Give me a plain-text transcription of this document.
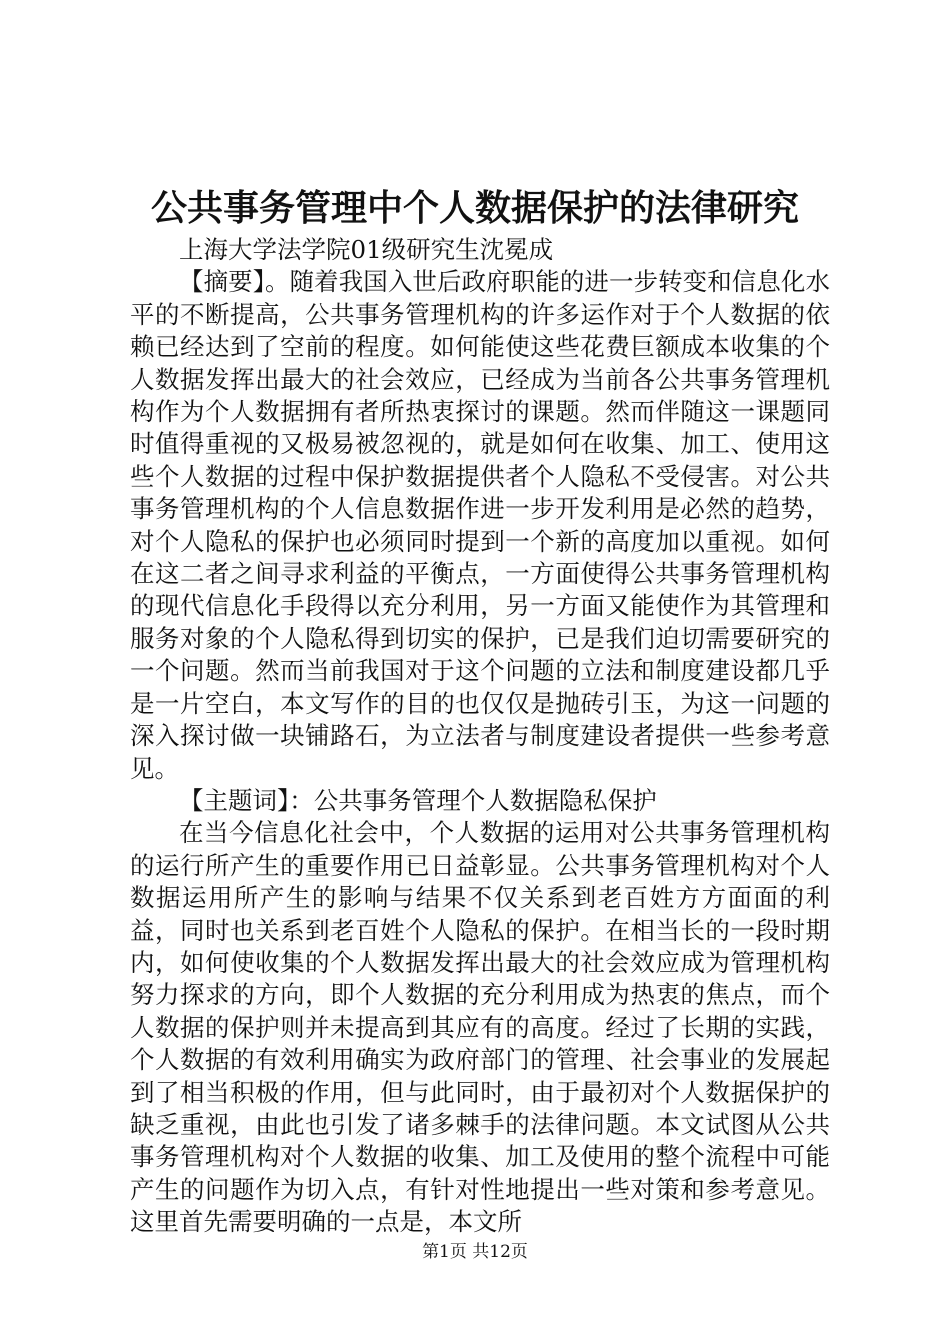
公共事务管理中个人数据保护的法律研究

上海大学法学院01级研究生沈冕成

【摘要】。随着我国入世后政府职能的进一步转变和信息化水平的不断提高，公共事务管理机构的许多运作对于个人数据的依赖已经达到了空前的程度。如何能使这些花费巨额成本收集的个人数据发挥出最大的社会效应，已经成为当前各公共事务管理机构作为个人数据拥有者所热衷探讨的课题。然而伴随这一课题同时值得重视的又极易被忽视的，就是如何在收集、加工、使用这些个人数据的过程中保护数据提供者个人隐私不受侵害。对公共事务管理机构的个人信息数据作进一步开发利用是必然的趋势，对个人隐私的保护也必须同时提到一个新的高度加以重视。如何在这二者之间寻求利益的平衡点，一方面使得公共事务管理机构的现代信息化手段得以充分利用，另一方面又能使作为其管理和服务对象的个人隐私得到切实的保护，已是我们迫切需要研究的一个问题。然而当前我国对于这个问题的立法和制度建设都几乎是一片空白，本文写作的目的也仅仅是抛砖引玉，为这一问题的深入探讨做一块铺路石，为立法者与制度建设者提供一些参考意见。

【主题词】：公共事务管理个人数据隐私保护

在当今信息化社会中，个人数据的运用对公共事务管理机构的运行所产生的重要作用已日益彰显。公共事务管理机构对个人数据运用所产生的影响与结果不仅关系到老百姓方方面面的利益，同时也关系到老百姓个人隐私的保护。在相当长的一段时期内，如何使收集的个人数据发挥出最大的社会效应成为管理机构努力探求的方向，即个人数据的充分利用成为热衷的焦点，而个人数据的保护则并未提高到其应有的高度。经过了长期的实践，个人数据的有效利用确实为政府部门的管理、社会事业的发展起到了相当积极的作用，但与此同时，由于最初对个人数据保护的缺乏重视，由此也引发了诸多棘手的法律问题。本文试图从公共事务管理机构对个人数据的收集、加工及使用的整个流程中可能产生的问题作为切入点，有针对性地提出一些对策和参考意见。这里首先需要明确的一点是，本文所

第1页 共12页
